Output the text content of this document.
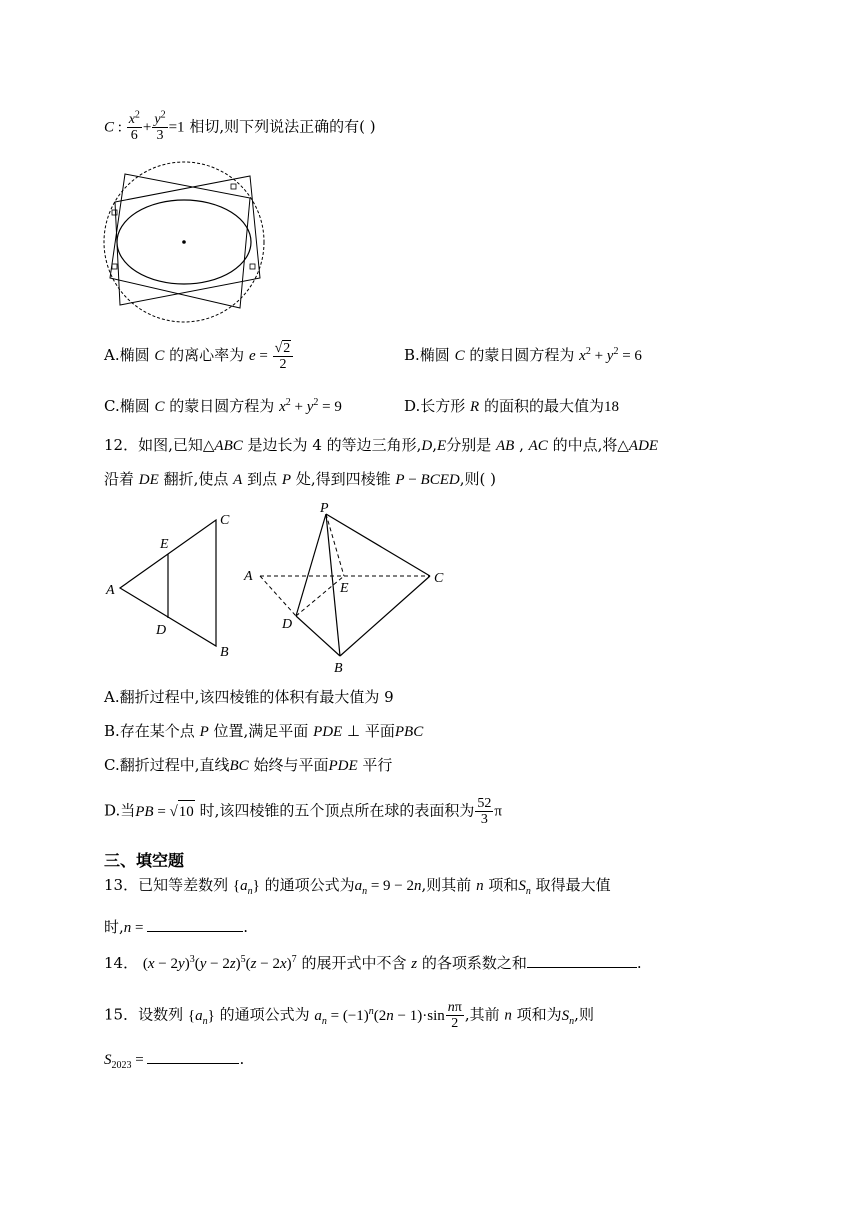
C : $\frac{x^2}{6} + \frac{y^2}{3} =1$ 相切,则下列说法正确的有( )
A.椭圆 C 的离心率为 $e = \frac{√2}{2}$	B.椭圆 C 的蒙日圆方程为 $x^2 + y^2 = 6$
C.椭圆 C 的蒙日圆方程为 $x^2 + y^2 = 9$	D.长方形 R 的面积的最大值为18
12．如图,已知△ABC 是边长为 4 的等边三角形,D,E分别是 AB , AC 的中点,将△ADE
沿着 DE 翻折,使点 A 到点 P 处,得到四棱锥 P − BCED,则( )
A
C
B
E
D
P
A	C
E
D
B
A.翻折过程中,该四棱锥的体积有最大值为 9
B.存在某个点 P 位置,满足平面 PDE ⊥ 平面PBC
C.翻折过程中,直线BC 始终与平面PDE 平行
D.当PB = √10 时,该四棱锥的五个顶点所在球的表面积为 $\frac{52}{3}$ π
三、填空题
13．已知等差数列 $\{a_n\}$ 的通项公式为$a_n = 9 - 2n$,则其前 n 项和$S_n$ 取得最大值
时,n =	.
14． $(x - 2y)^3(y - 2z)^5(z - 2x)^7$ 的展开式中不含 z 的各项系数之和	.
15．设数列 $\{a_n\}$ 的通项公式为 $a_n = (-1)^n(2n - 1)\cdot\sin \frac{n\pi}{2}$ ,其前 n 项和为$S_n$,则
$S_{2023}$ =	.
